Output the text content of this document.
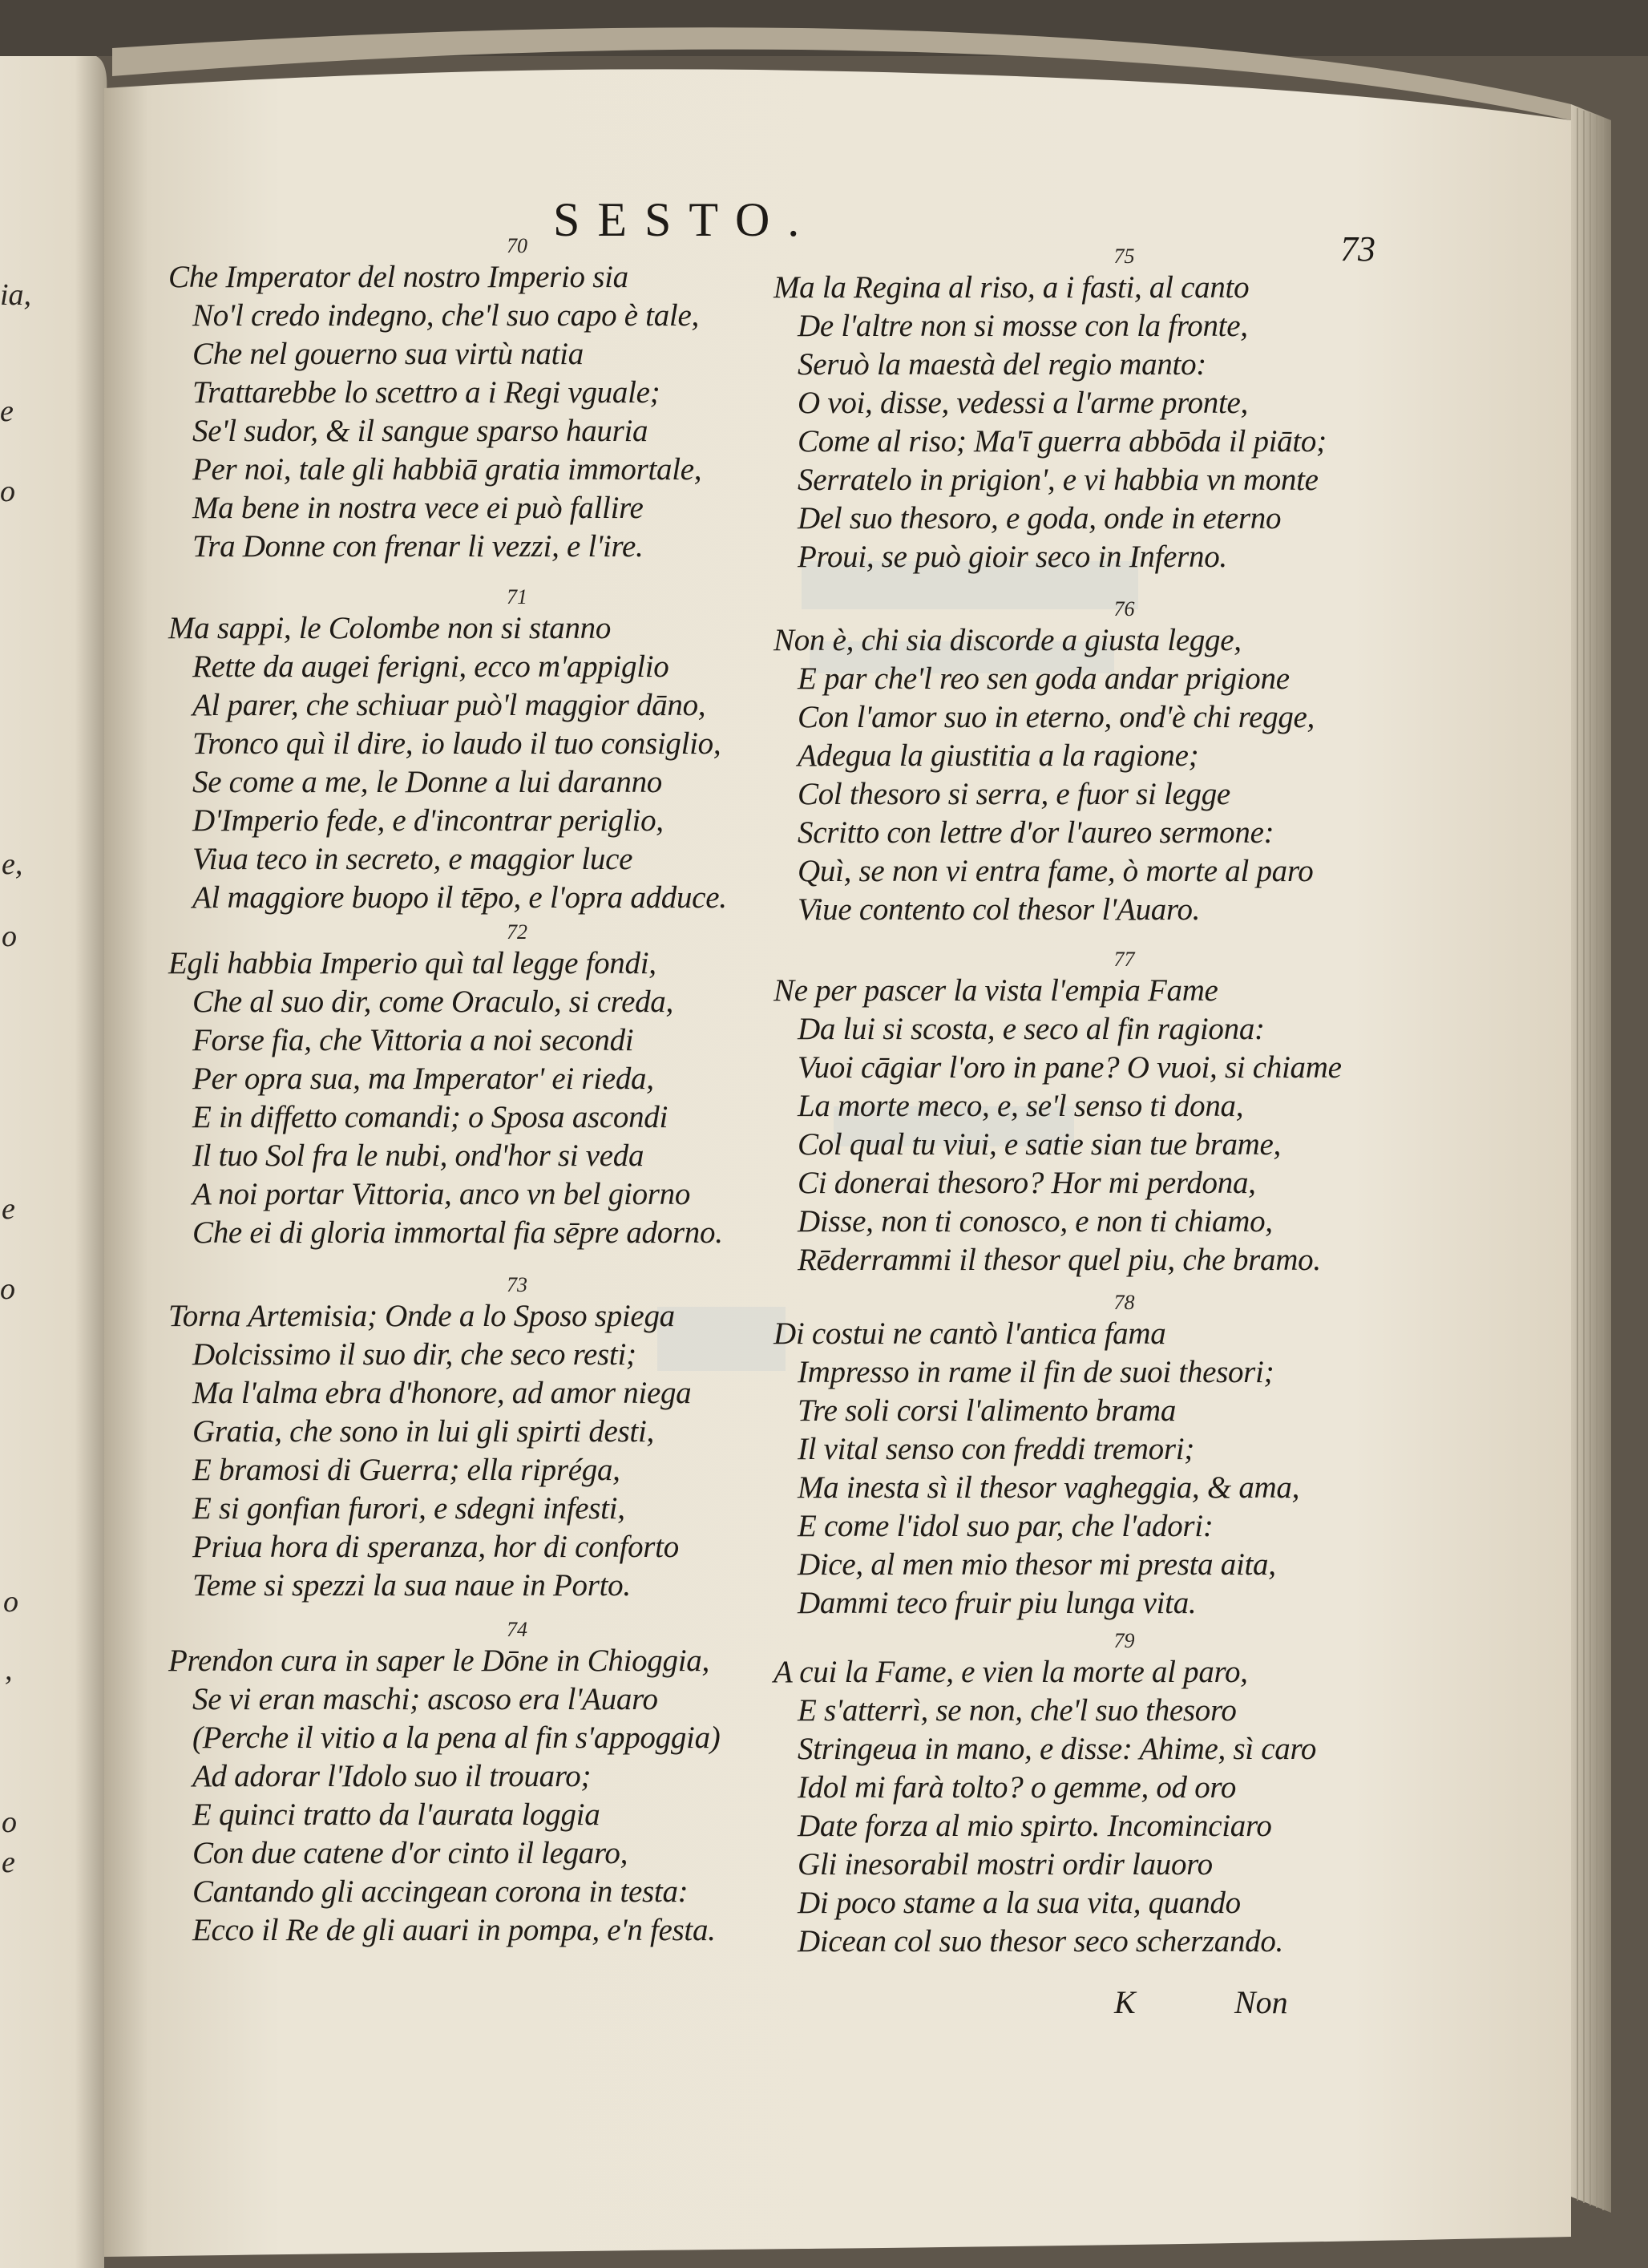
ia,
e
o
e,
o
e
o
o
,
o
e
SESTO.
73
70
Che Imperator del nostro Imperio sia
No'l credo indegno, che'l suo capo è tale,
Che nel gouerno sua virtù natia
Trattarebbe lo scettro a i Regi vguale;
Se'l sudor, & il sangue sparso hauria
Per noi, tale gli habbiā gratia immortale,
Ma bene in nostra vece ei può fallire
Tra Donne con frenar li vezzi, e l'ire.
71
Ma sappi, le Colombe non si stanno
Rette da augei ferigni, ecco m'appiglio
Al parer, che schiuar può'l maggior dāno,
Tronco quì il dire, io laudo il tuo consiglio,
Se come a me, le Donne a lui daranno
D'Imperio fede, e d'incontrar periglio,
Viua teco in secreto, e maggior luce
Al maggiore buopo il tēpo, e l'opra adduce.
72
Egli habbia Imperio quì tal legge fondi,
Che al suo dir, come Oraculo, si creda,
Forse fia, che Vittoria a noi secondi
Per opra sua, ma Imperator' ei rieda,
E in diffetto comandi; o Sposa ascondi
Il tuo Sol fra le nubi, ond'hor si veda
A noi portar Vittoria, anco vn bel giorno
Che ei di gloria immortal fia sēpre adorno.
73
Torna Artemisia; Onde a lo Sposo spiega
Dolcissimo il suo dir, che seco resti;
Ma l'alma ebra d'honore, ad amor niega
Gratia, che sono in lui gli spirti desti,
E bramosi di Guerra; ella ripréga,
E si gonfian furori, e sdegni infesti,
Priua hora di speranza, hor di conforto
Teme si spezzi la sua naue in Porto.
74
Prendon cura in saper le Dōne in Chioggia,
Se vi eran maschi; ascoso era l'Auaro
(Perche il vitio a la pena al fin s'appoggia)
Ad adorar l'Idolo suo il trouaro;
E quinci tratto da l'aurata loggia
Con due catene d'or cinto il legaro,
Cantando gli accingean corona in testa:
Ecco il Re de gli auari in pompa, e'n festa.
75
Ma la Regina al riso, a i fasti, al canto
De l'altre non si mosse con la fronte,
Seruò la maestà del regio manto:
O voi, disse, vedessi a l'arme pronte,
Come al riso; Ma'ī guerra abbōda il piāto;
Serratelo in prigion', e vi habbia vn monte
Del suo thesoro, e goda, onde in eterno
Proui, se può gioir seco in Inferno.
76
Non è, chi sia discorde a giusta legge,
E par che'l reo sen goda andar prigione
Con l'amor suo in eterno, ond'è chi regge,
Adegua la giustitia a la ragione;
Col thesoro si serra, e fuor si legge
Scritto con lettre d'or l'aureo sermone:
Quì, se non vi entra fame, ò morte al paro
Viue contento col thesor l'Auaro.
77
Ne per pascer la vista l'empia Fame
Da lui si scosta, e seco al fin ragiona:
Vuoi cāgiar l'oro in pane? O vuoi, si chiame
La morte meco, e, se'l senso ti dona,
Col qual tu viui, e satie sian tue brame,
Ci donerai thesoro? Hor mi perdona,
Disse, non ti conosco, e non ti chiamo,
Rēderrammi il thesor quel piu, che bramo.
78
Di costui ne cantò l'antica fama
Impresso in rame il fin de suoi thesori;
Tre soli corsi l'alimento brama
Il vital senso con freddi tremori;
Ma inesta sì il thesor vagheggia, & ama,
E come l'idol suo par, che l'adori:
Dice, al men mio thesor mi presta aita,
Dammi teco fruir piu lunga vita.
79
A cui la Fame, e vien la morte al paro,
E s'atterrì, se non, che'l suo thesoro
Stringeua in mano, e disse: Ahime, sì caro
Idol mi farà tolto? o gemme, od oro
Date forza al mio spirto. Incominciaro
Gli inesorabil mostri ordir lauoro
Di poco stame a la sua vita, quando
Dicean col suo thesor seco scherzando.
K	Non
